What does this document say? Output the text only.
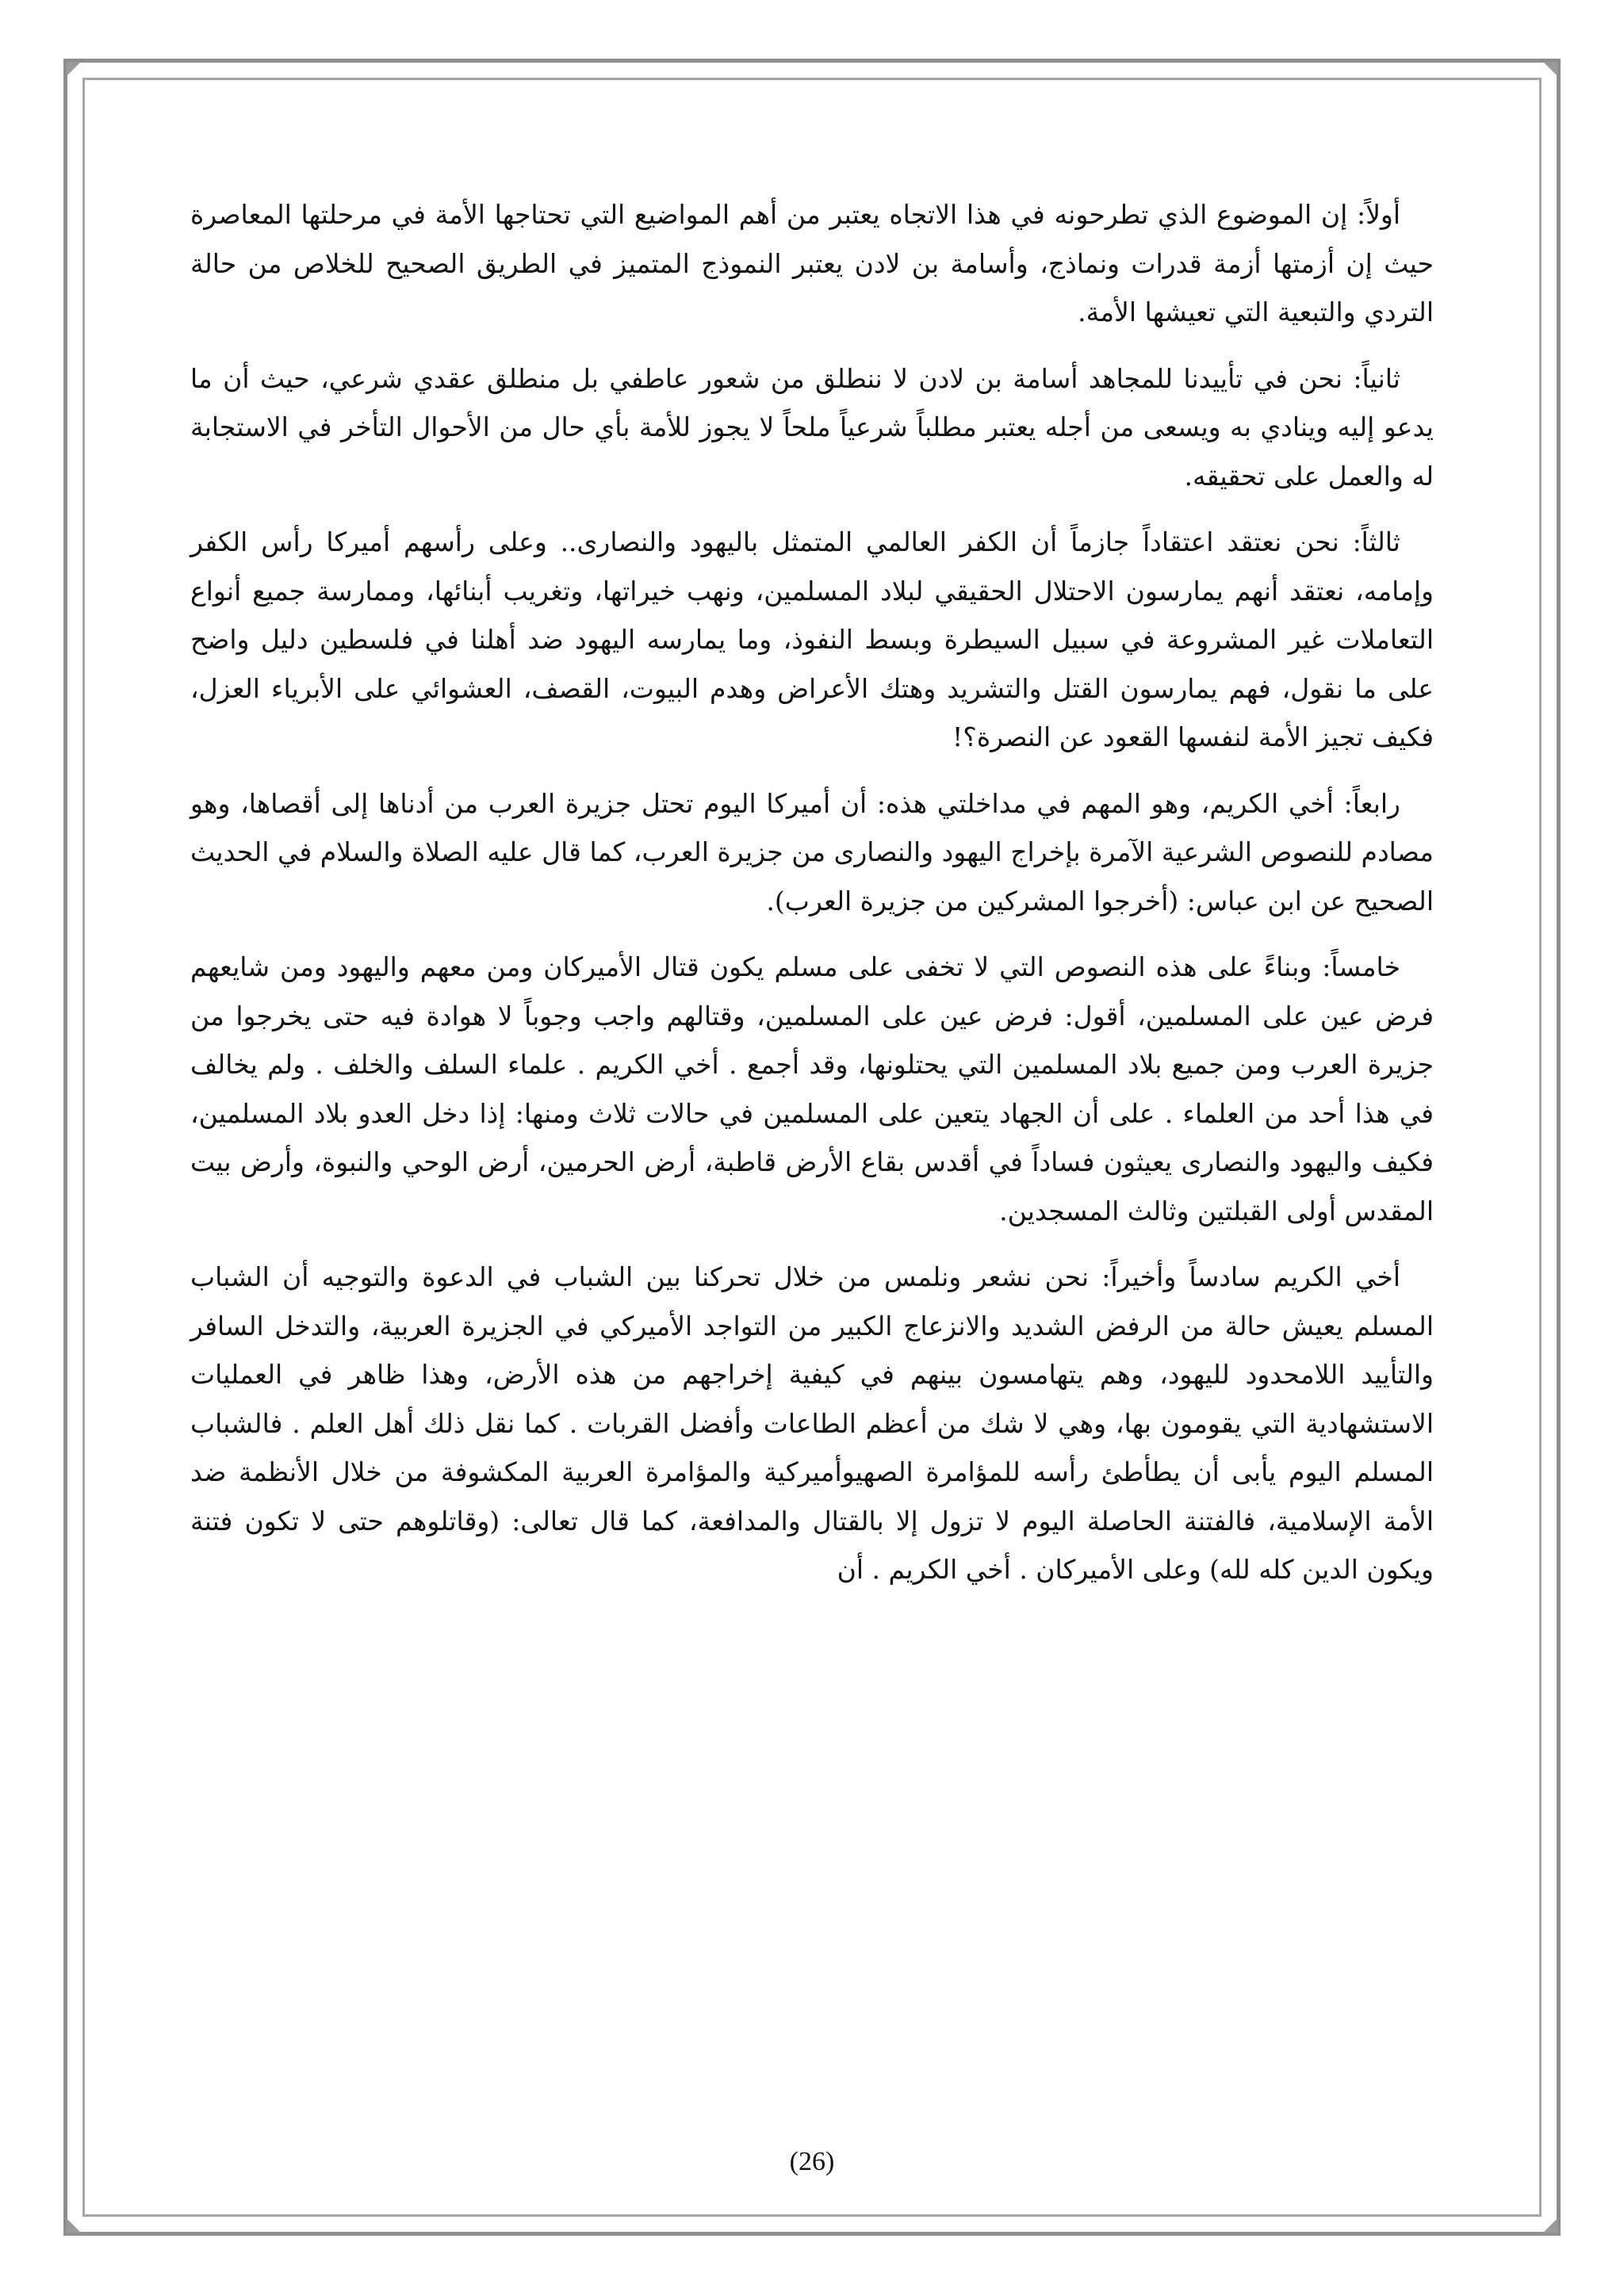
أولاً: إن الموضوع الذي تطرحونه في هذا الاتجاه يعتبر من أهم المواضيع التي تحتاجها الأمة في مرحلتها المعاصرة حيث إن أزمتها أزمة قدرات ونماذج، وأسامة بن لادن يعتبر النموذج المتميز في الطريق الصحيح للخلاص من حالة التردي والتبعية التي تعيشها الأمة.

ثانياً: نحن في تأييدنا للمجاهد أسامة بن لادن لا ننطلق من شعور عاطفي بل منطلق عقدي شرعي، حيث أن ما يدعو إليه وينادي به ويسعى من أجله يعتبر مطلباً شرعياً ملحاً لا يجوز للأمة بأي حال من الأحوال التأخر في الاستجابة له والعمل على تحقيقه.

ثالثاً: نحن نعتقد اعتقاداً جازماً أن الكفر العالمي المتمثل باليهود والنصارى.. وعلى رأسهم أميركا رأس الكفر وإمامه، نعتقد أنهم يمارسون الاحتلال الحقيقي لبلاد المسلمين، ونهب خيراتها، وتغريب أبنائها، وممارسة جميع أنواع التعاملات غير المشروعة في سبيل السيطرة وبسط النفوذ، وما يمارسه اليهود ضد أهلنا في فلسطين دليل واضح على ما نقول، فهم يمارسون القتل والتشريد وهتك الأعراض وهدم البيوت، القصف، العشوائي على الأبرياء العزل، فكيف تجيز الأمة لنفسها القعود عن النصرة؟!

رابعاً: أخي الكريم، وهو المهم في مداخلتي هذه: أن أميركا اليوم تحتل جزيرة العرب من أدناها إلى أقصاها، وهو مصادم للنصوص الشرعية الآمرة بإخراج اليهود والنصارى من جزيرة العرب، كما قال عليه الصلاة والسلام في الحديث الصحيح عن ابن عباس: (أخرجوا المشركين من جزيرة العرب).

خامساً: وبناءً على هذه النصوص التي لا تخفى على مسلم يكون قتال الأميركان ومن معهم واليهود ومن شايعهم فرض عين على المسلمين، أقول: فرض عين على المسلمين، وقتالهم واجب وجوباً لا هوادة فيه حتى يخرجوا من جزيرة العرب ومن جميع بلاد المسلمين التي يحتلونها، وقد أجمع . أخي الكريم . علماء السلف والخلف . ولم يخالف في هذا أحد من العلماء . على أن الجهاد يتعين على المسلمين في حالات ثلاث ومنها: إذا دخل العدو بلاد المسلمين، فكيف واليهود والنصارى يعيثون فساداً في أقدس بقاع الأرض قاطبة، أرض الحرمين، أرض الوحي والنبوة، وأرض بيت المقدس أولى القبلتين وثالث المسجدين.

أخي الكريم سادساً وأخيراً: نحن نشعر ونلمس من خلال تحركنا بين الشباب في الدعوة والتوجيه أن الشباب المسلم يعيش حالة من الرفض الشديد والانزعاج الكبير من التواجد الأميركي في الجزيرة العربية، والتدخل السافر والتأييد اللامحدود لليهود، وهم يتهامسون بينهم في كيفية إخراجهم من هذه الأرض، وهذا ظاهر في العمليات الاستشهادية التي يقومون بها، وهي لا شك من أعظم الطاعات وأفضل القربات . كما نقل ذلك أهل العلم . فالشباب المسلم اليوم يأبى أن يطأطئ رأسه للمؤامرة الصهيوأميركية والمؤامرة العربية المكشوفة من خلال الأنظمة ضد الأمة الإسلامية، فالفتنة الحاصلة اليوم لا تزول إلا بالقتال والمدافعة، كما قال تعالى: (وقاتلوهم حتى لا تكون فتنة ويكون الدين كله لله) وعلى الأميركان . أخي الكريم . أن

(26)
